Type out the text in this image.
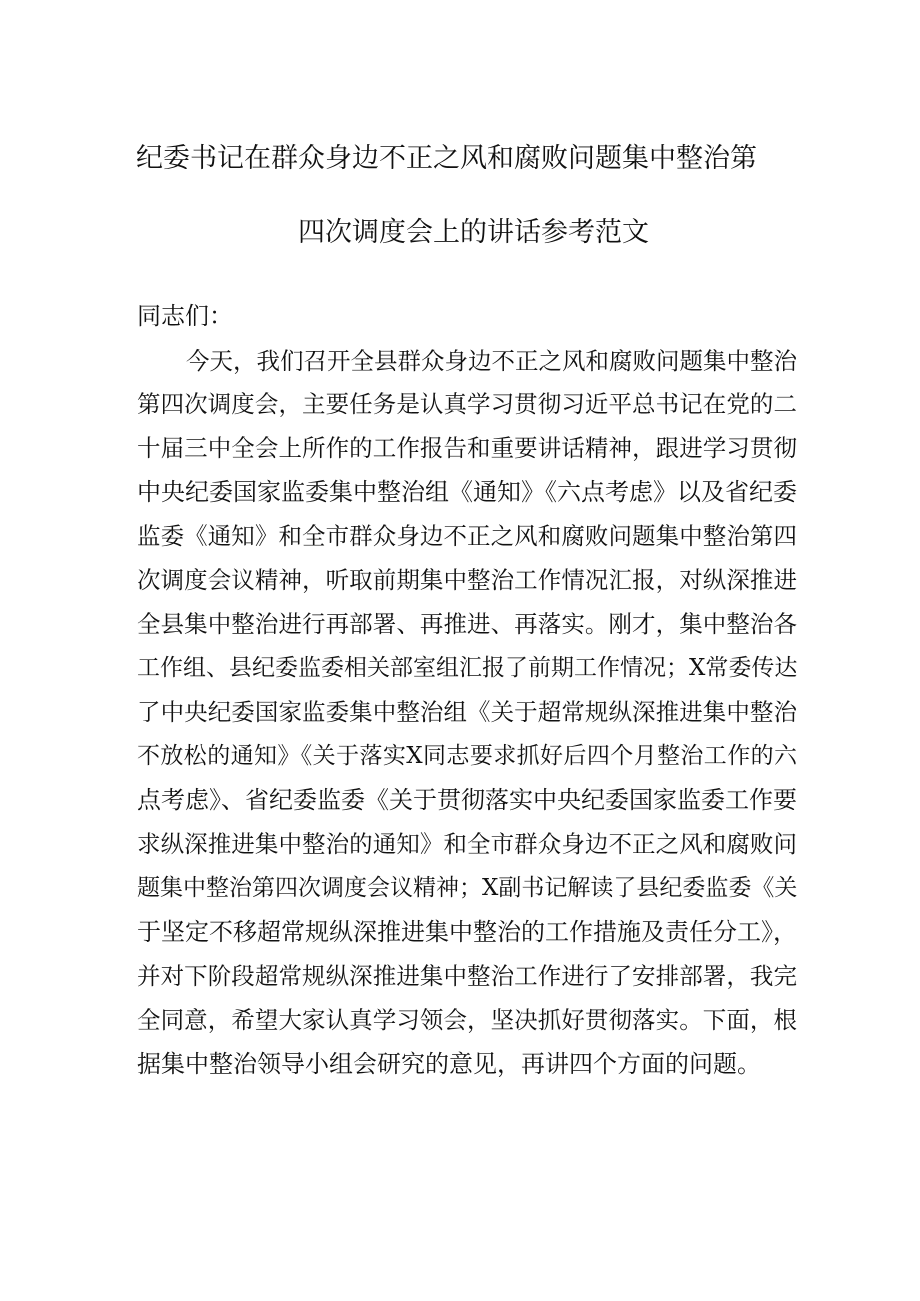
纪委书记在群众身边不正之风和腐败问题集中整治第
四次调度会上的讲话参考范文
同志们：
今天，我们召开全县群众身边不正之风和腐败问题集中整治
第四次调度会，主要任务是认真学习贯彻习近平总书记在党的二
十届三中全会上所作的工作报告和重要讲话精神，跟进学习贯彻
中央纪委国家监委集中整治组《通知》《六点考虑》以及省纪委
监委《通知》和全市群众身边不正之风和腐败问题集中整治第四
次调度会议精神，听取前期集中整治工作情况汇报，对纵深推进
全县集中整治进行再部署、再推进、再落实。刚才，集中整治各
工作组、县纪委监委相关部室组汇报了前期工作情况；X常委传达
了中央纪委国家监委集中整治组《关于超常规纵深推进集中整治
不放松的通知》《关于落实X同志要求抓好后四个月整治工作的六
点考虑》、省纪委监委《关于贯彻落实中央纪委国家监委工作要
求纵深推进集中整治的通知》和全市群众身边不正之风和腐败问
题集中整治第四次调度会议精神；X副书记解读了县纪委监委《关
于坚定不移超常规纵深推进集中整治的工作措施及责任分工》，
并对下阶段超常规纵深推进集中整治工作进行了安排部署，我完
全同意，希望大家认真学习领会，坚决抓好贯彻落实。下面，根
据集中整治领导小组会研究的意见，再讲四个方面的问题。
